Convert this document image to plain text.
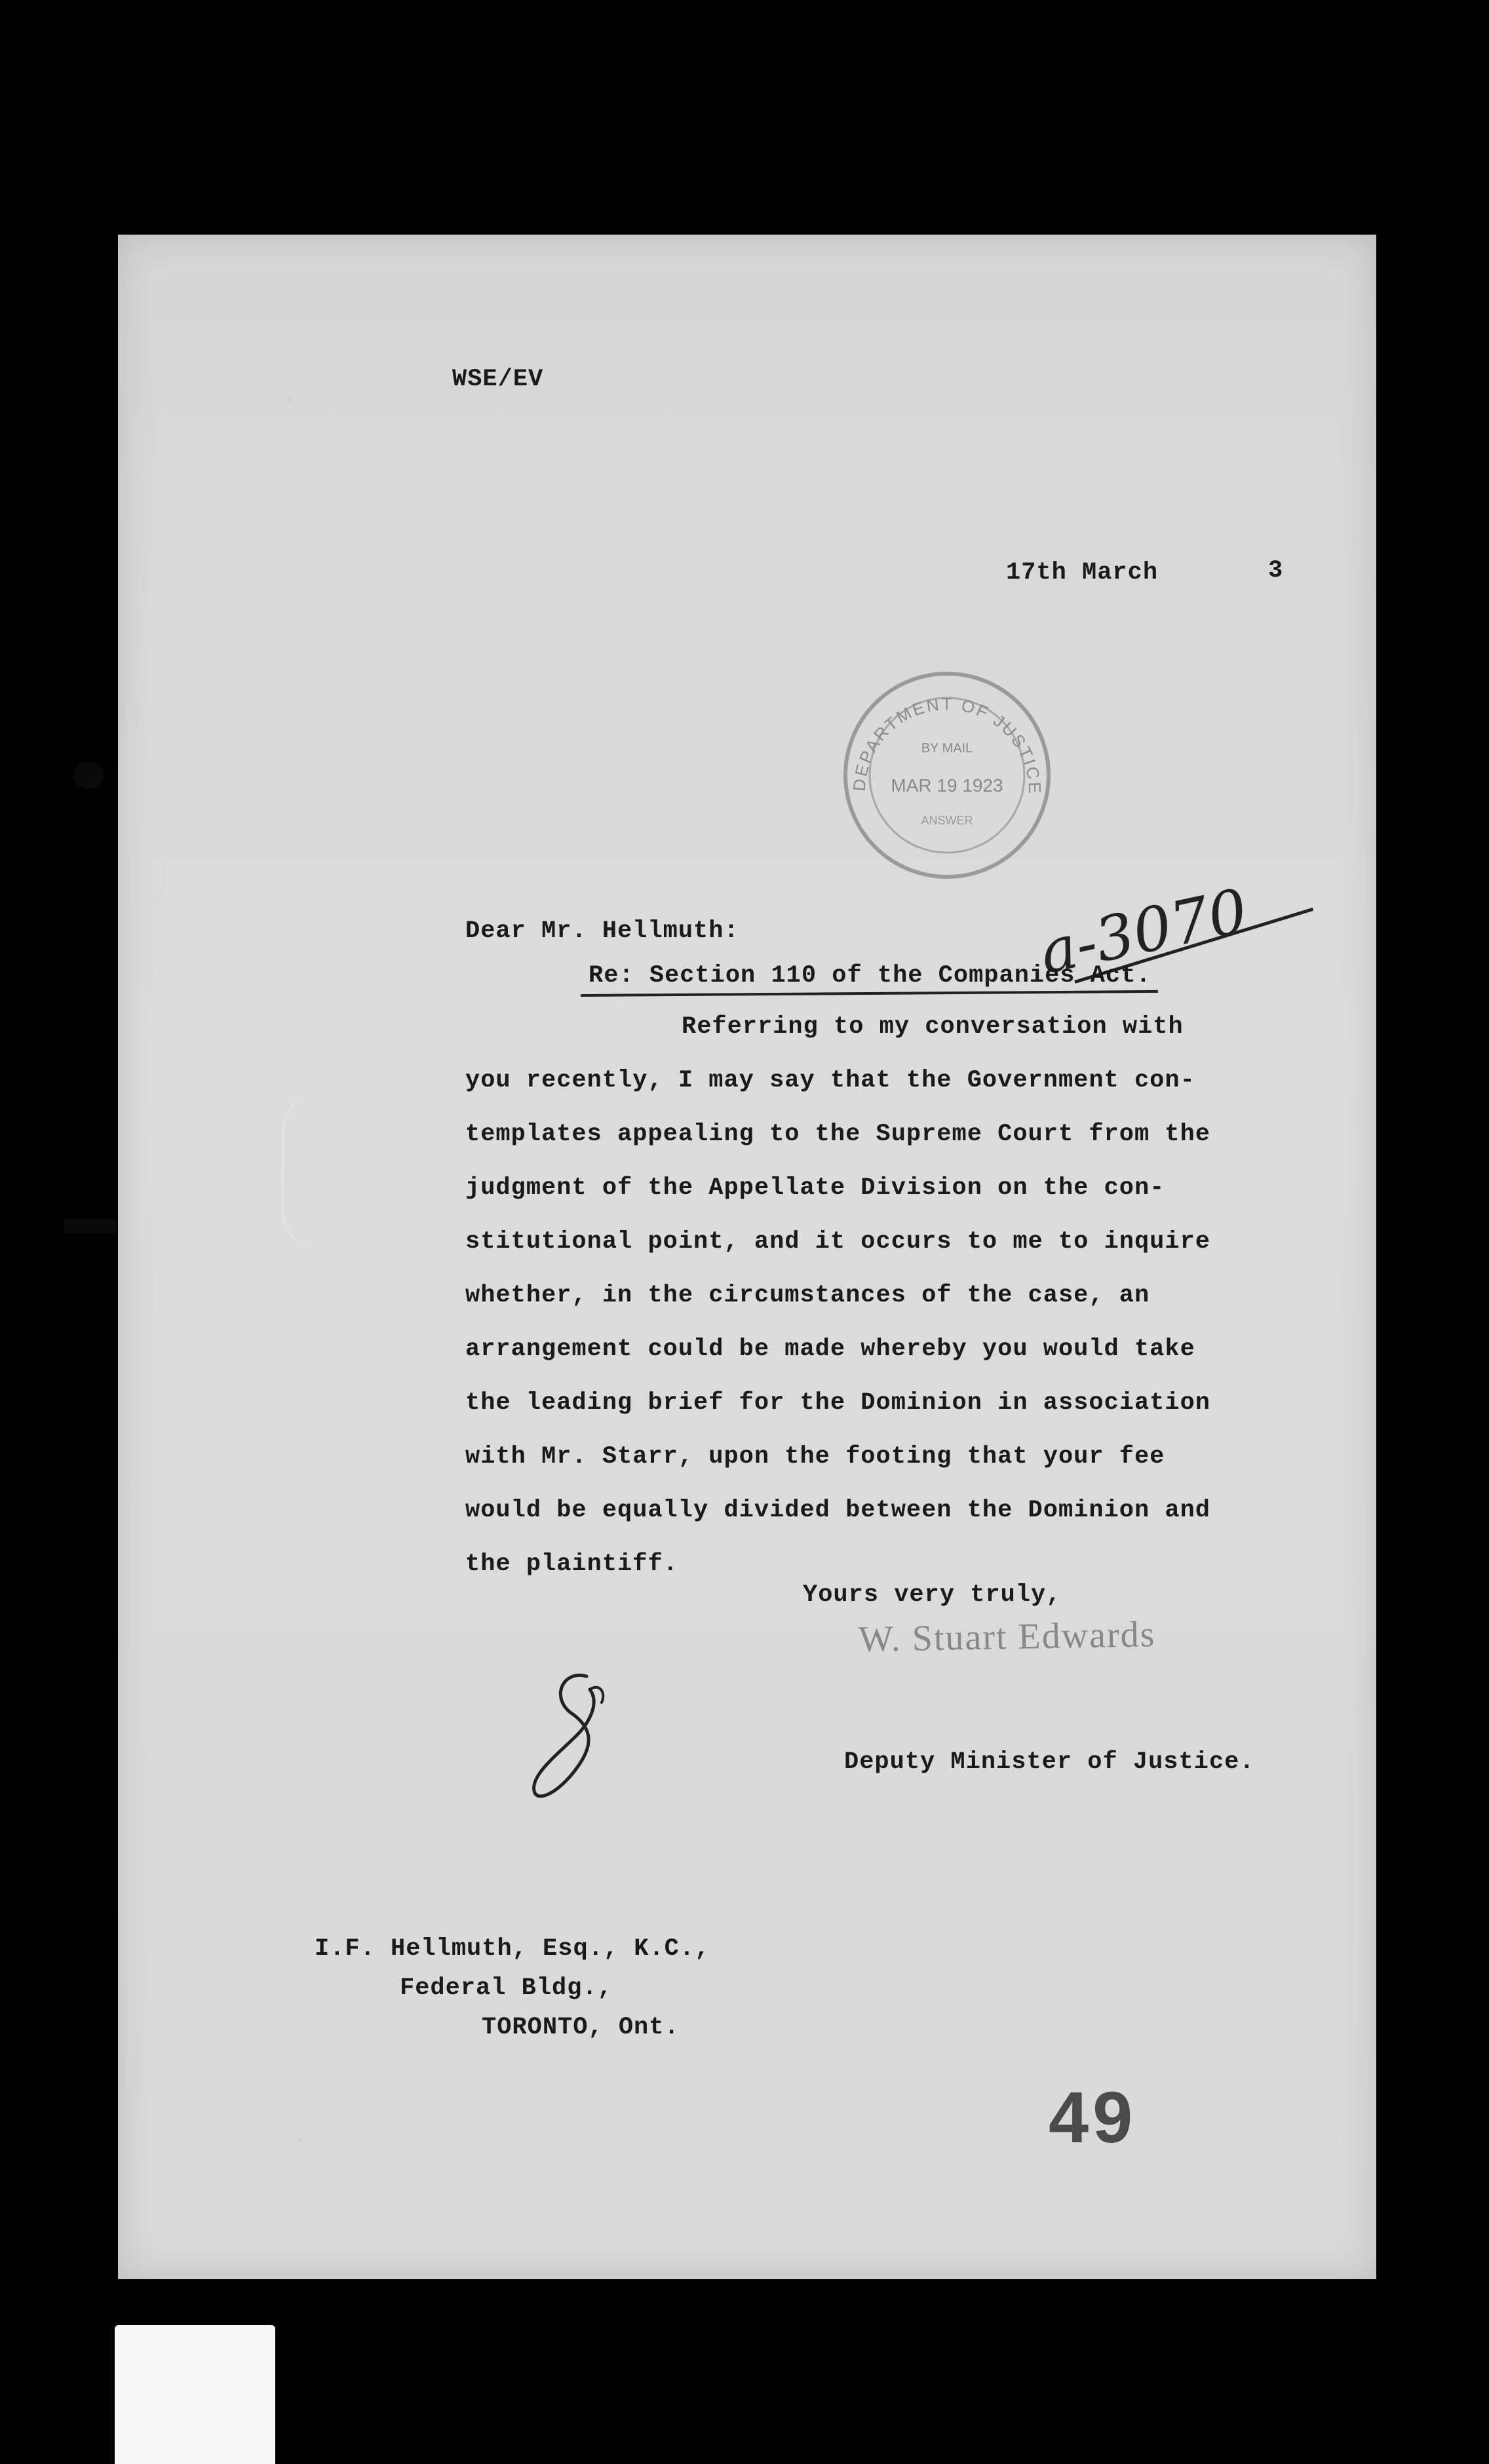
WSE/EV
17th March	3
DEPARTMENT OF JUSTICE
BY MAIL
MAR 19 1923
ANSWER
a-3070
Dear Mr. Hellmuth:
Re: Section 110 of the Companies Act.
Referring to my conversation with
you recently, I may say that the Government con-
templates appealing to the Supreme Court from the
judgment of the Appellate Division on the con-
stitutional point, and it occurs to me to inquire
whether, in the circumstances of the case, an
arrangement could be made whereby you would take
the leading brief for the Dominion in association
with Mr. Starr, upon the footing that your fee
would be equally divided between the Dominion and
the plaintiff.
Yours very truly,
W. Stuart Edwards
Deputy Minister of Justice.
I.F. Hellmuth, Esq., K.C.,
Federal Bldg.,
TORONTO, Ont.
49
